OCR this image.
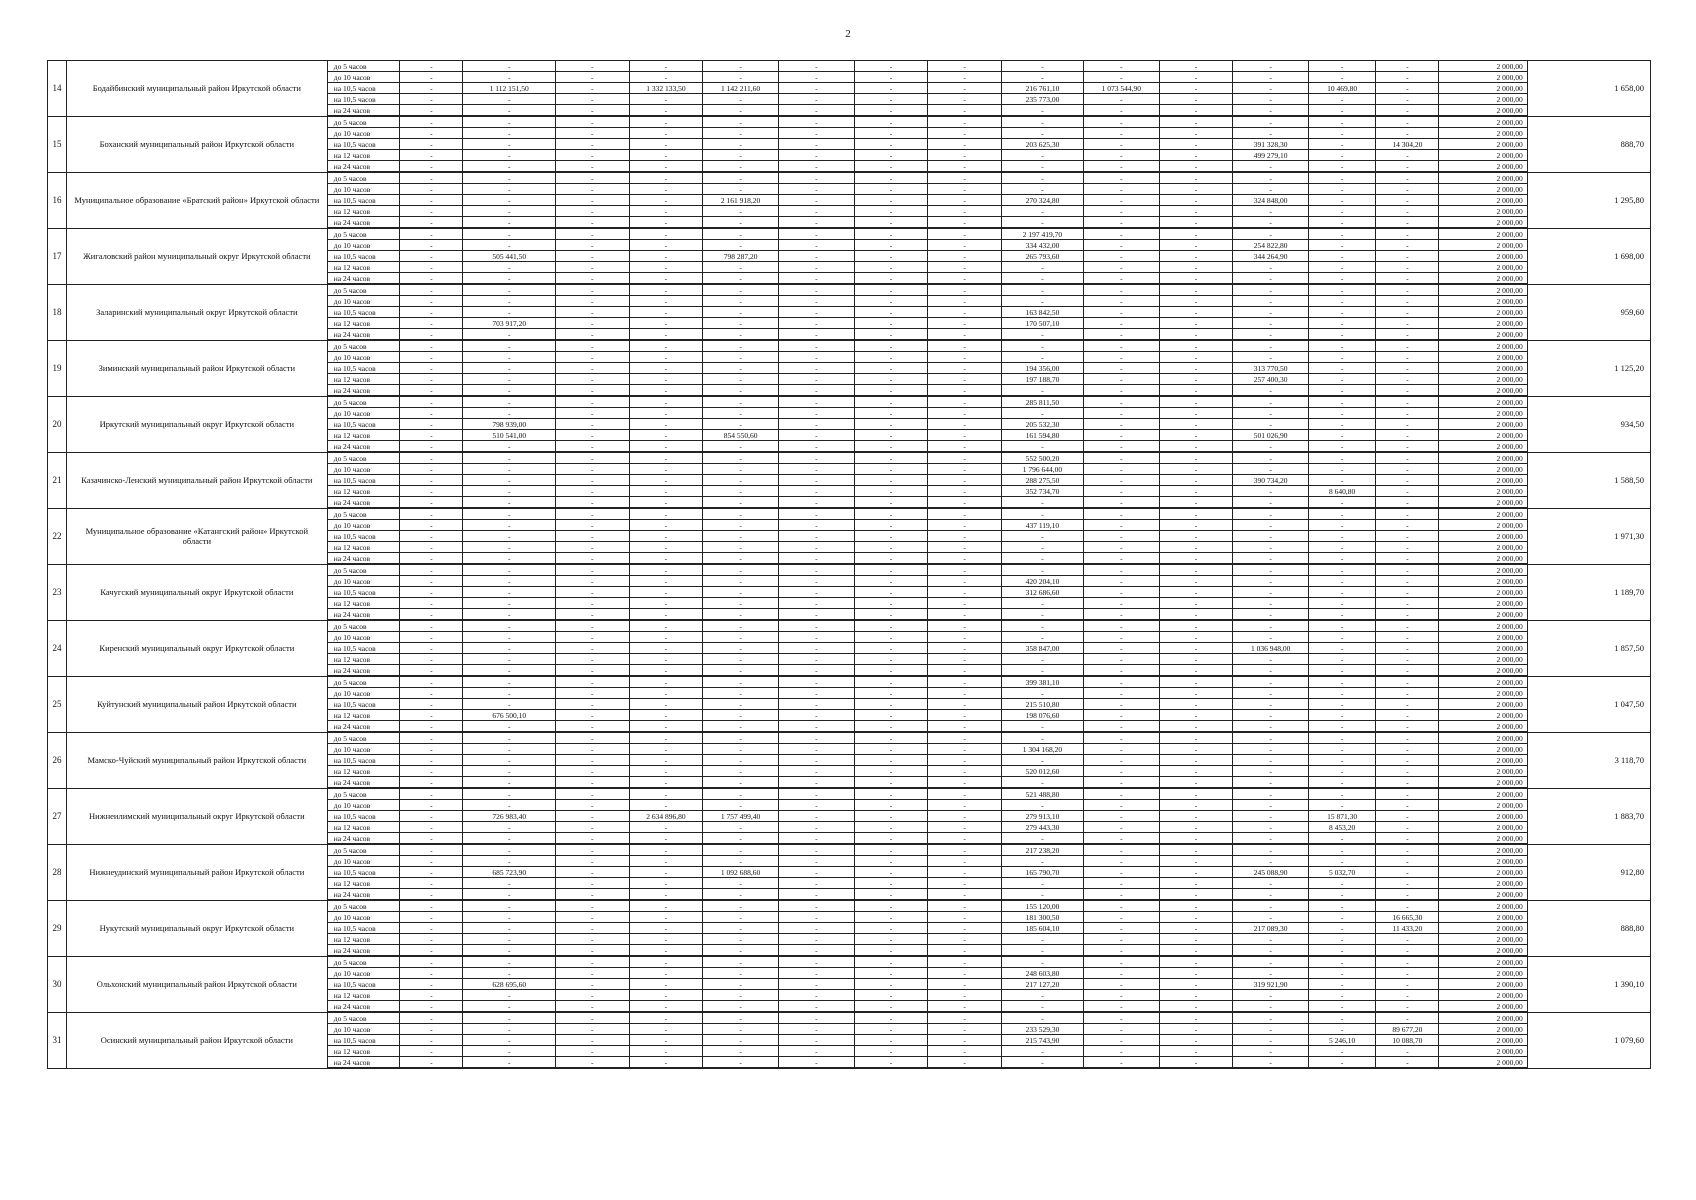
2
14	Бодайбинский муниципальный район Иркутской области	до 5 часов	-	-	-	-	-	-	-	-	-	-	-	-	-	-	2 000,00	1 658,00
		до 10 часов	-	-	-	-	-	-	-	-	-	-	-	-	-	-	2 000,00	
		на 10,5 часов	-	1 112 151,50	-	1 332 133,50	1 142 211,60	-	-	-	216 761,10	1 073 544,90	-	-	10 469,80	-	2 000,00	
		на 10,5 часов	-	-	-	-	-	-	-	-	235 773,00	-	-	-	-	-	2 000,00	
		на 24 часов	-	-	-	-	-	-	-	-	-	-	-	-	-	-	2 000,00	
15	Боханский муниципальный район Иркутской области	до 5 часов	-	-	-	-	-	-	-	-	-	-	-	-	-	-	2 000,00	888,70
		до 10 часов	-	-	-	-	-	-	-	-	-	-	-	-	-	-	2 000,00	
		на 10,5 часов	-	-	-	-	-	-	-	-	203 625,30	-	-	391 328,30	-	14 304,20	2 000,00	
		на 12 часов	-	-	-	-	-	-	-	-	-	-	-	499 279,10	-	-	2 000,00	
		на 24 часов	-	-	-	-	-	-	-	-	-	-	-	-	-	-	2 000,00	
16	Муниципальное образование «Братский район» Иркутской области	до 5 часов	-	-	-	-	-	-	-	-	-	-	-	-	-	-	2 000,00	1 295,80
		до 10 часов	-	-	-	-	-	-	-	-	-	-	-	-	-	-	2 000,00	
		на 10,5 часов	-	-	-	-	2 161 918,20	-	-	-	270 324,80	-	-	324 848,00	-	-	2 000,00	
		на 12 часов	-	-	-	-	-	-	-	-	-	-	-	-	-	-	2 000,00	
		на 24 часов	-	-	-	-	-	-	-	-	-	-	-	-	-	-	2 000,00	
17	Жигаловский район муниципальный округ Иркутской области	до 5 часов	-	-	-	-	-	-	-	-	2 197 419,70	-	-	-	-	-	2 000,00	1 698,00
		до 10 часов	-	-	-	-	-	-	-	-	334 432,00	-	-	254 822,80	-	-	2 000,00	
		на 10,5 часов	-	505 441,50	-	-	798 287,20	-	-	-	265 793,60	-	-	344 264,90	-	-	2 000,00	
		на 12 часов	-	-	-	-	-	-	-	-	-	-	-	-	-	-	2 000,00	
		на 24 часов	-	-	-	-	-	-	-	-	-	-	-	-	-	-	2 000,00	
18	Заларинский муниципальный округ Иркутской области	до 5 часов	-	-	-	-	-	-	-	-	-	-	-	-	-	-	2 000,00	959,60
		до 10 часов	-	-	-	-	-	-	-	-	-	-	-	-	-	-	2 000,00	
		на 10,5 часов	-	-	-	-	-	-	-	-	163 842,50	-	-	-	-	-	2 000,00	
		на 12 часов	-	703 917,20	-	-	-	-	-	-	170 507,10	-	-	-	-	-	2 000,00	
		на 24 часов	-	-	-	-	-	-	-	-	-	-	-	-	-	-	2 000,00	
19	Зиминский муниципальный район Иркутской области	до 5 часов	-	-	-	-	-	-	-	-	-	-	-	-	-	-	2 000,00	1 125,20
		до 10 часов	-	-	-	-	-	-	-	-	-	-	-	-	-	-	2 000,00	
		на 10,5 часов	-	-	-	-	-	-	-	-	194 356,00	-	-	313 770,50	-	-	2 000,00	
		на 12 часов	-	-	-	-	-	-	-	-	197 188,70	-	-	257 400,30	-	-	2 000,00	
		на 24 часов	-	-	-	-	-	-	-	-	-	-	-	-	-	-	2 000,00	
20	Иркутский муниципальный округ Иркутской области	до 5 часов	-	-	-	-	-	-	-	-	285 811,50	-	-	-	-	-	2 000,00	934,50
		до 10 часов	-	-	-	-	-	-	-	-	-	-	-	-	-	-	2 000,00	
		на 10,5 часов	-	798 939,00	-	-	-	-	-	-	205 532,30	-	-	-	-	-	2 000,00	
		на 12 часов	-	510 541,00	-	-	854 550,60	-	-	-	161 594,80	-	-	501 026,90	-	-	2 000,00	
		на 24 часов	-	-	-	-	-	-	-	-	-	-	-	-	-	-	2 000,00	
21	Казачинско-Ленский муниципальный район Иркутской области	до 5 часов	-	-	-	-	-	-	-	-	552 500,20	-	-	-	-	-	2 000,00	1 588,50
		до 10 часов	-	-	-	-	-	-	-	-	1 796 644,00	-	-	-	-	-	2 000,00	
		на 10,5 часов	-	-	-	-	-	-	-	-	288 275,50	-	-	390 734,20	-	-	2 000,00	
		на 12 часов	-	-	-	-	-	-	-	-	352 734,70	-	-	-	8 640,80	-	2 000,00	
		на 24 часов	-	-	-	-	-	-	-	-	-	-	-	-	-	-	2 000,00	
22	Муниципальное образование «Катангский район» Иркутской области	до 5 часов	-	-	-	-	-	-	-	-	-	-	-	-	-	-	2 000,00	1 971,30
		до 10 часов	-	-	-	-	-	-	-	-	437 119,10	-	-	-	-	-	2 000,00	
		на 10,5 часов	-	-	-	-	-	-	-	-	-	-	-	-	-	-	2 000,00	
		на 12 часов	-	-	-	-	-	-	-	-	-	-	-	-	-	-	2 000,00	
		на 24 часов	-	-	-	-	-	-	-	-	-	-	-	-	-	-	2 000,00	
23	Качугский муниципальный округ Иркутской области	до 5 часов	-	-	-	-	-	-	-	-	-	-	-	-	-	-	2 000,00	1 189,70
		до 10 часов	-	-	-	-	-	-	-	-	420 204,10	-	-	-	-	-	2 000,00	
		на 10,5 часов	-	-	-	-	-	-	-	-	312 686,60	-	-	-	-	-	2 000,00	
		на 12 часов	-	-	-	-	-	-	-	-	-	-	-	-	-	-	2 000,00	
		на 24 часов	-	-	-	-	-	-	-	-	-	-	-	-	-	-	2 000,00	
24	Киренский муниципальный округ Иркутской области	до 5 часов	-	-	-	-	-	-	-	-	-	-	-	-	-	-	2 000,00	1 857,50
		до 10 часов	-	-	-	-	-	-	-	-	-	-	-	-	-	-	2 000,00	
		на 10,5 часов	-	-	-	-	-	-	-	-	358 847,00	-	-	1 036 948,00	-	-	2 000,00	
		на 12 часов	-	-	-	-	-	-	-	-	-	-	-	-	-	-	2 000,00	
		на 24 часов	-	-	-	-	-	-	-	-	-	-	-	-	-	-	2 000,00	
25	Куйтунский муниципальный район Иркутской области	до 5 часов	-	-	-	-	-	-	-	-	399 381,10	-	-	-	-	-	2 000,00	1 047,50
		до 10 часов	-	-	-	-	-	-	-	-	-	-	-	-	-	-	2 000,00	
		на 10,5 часов	-	-	-	-	-	-	-	-	215 510,80	-	-	-	-	-	2 000,00	
		на 12 часов	-	676 500,10	-	-	-	-	-	-	198 076,60	-	-	-	-	-	2 000,00	
		на 24 часов	-	-	-	-	-	-	-	-	-	-	-	-	-	-	2 000,00	
26	Мамско-Чуйский муниципальный район Иркутской области	до 5 часов	-	-	-	-	-	-	-	-	-	-	-	-	-	-	2 000,00	3 118,70
		до 10 часов	-	-	-	-	-	-	-	-	1 304 168,20	-	-	-	-	-	2 000,00	
		на 10,5 часов	-	-	-	-	-	-	-	-	-	-	-	-	-	-	2 000,00	
		на 12 часов	-	-	-	-	-	-	-	-	520 012,60	-	-	-	-	-	2 000,00	
		на 24 часов	-	-	-	-	-	-	-	-	-	-	-	-	-	-	2 000,00	
27	Нижнеилимский муниципальный округ Иркутской области	до 5 часов	-	-	-	-	-	-	-	-	521 488,80	-	-	-	-	-	2 000,00	1 883,70
		до 10 часов	-	-	-	-	-	-	-	-	-	-	-	-	-	-	2 000,00	
		на 10,5 часов	-	726 983,40	-	2 634 896,80	1 757 499,40	-	-	-	279 913,10	-	-	-	15 871,30	-	2 000,00	
		на 12 часов	-	-	-	-	-	-	-	-	279 443,30	-	-	-	8 453,20	-	2 000,00	
		на 24 часов	-	-	-	-	-	-	-	-	-	-	-	-	-	-	2 000,00	
28	Нижнеудинский муниципальный район Иркутской области	до 5 часов	-	-	-	-	-	-	-	-	217 238,20	-	-	-	-	-	2 000,00	912,80
		до 10 часов	-	-	-	-	-	-	-	-	-	-	-	-	-	-	2 000,00	
		на 10,5 часов	-	685 723,90	-	-	1 092 688,60	-	-	-	165 790,70	-	-	245 088,90	5 032,70	-	2 000,00	
		на 12 часов	-	-	-	-	-	-	-	-	-	-	-	-	-	-	2 000,00	
		на 24 часов	-	-	-	-	-	-	-	-	-	-	-	-	-	-	2 000,00	
29	Нукутский муниципальный округ Иркутской области	до 5 часов	-	-	-	-	-	-	-	-	155 120,00	-	-	-	-	-	2 000,00	888,80
		до 10 часов	-	-	-	-	-	-	-	-	181 300,50	-	-	-	-	16 665,30	2 000,00	
		на 10,5 часов	-	-	-	-	-	-	-	-	185 604,10	-	-	217 089,30	-	11 433,20	2 000,00	
		на 12 часов	-	-	-	-	-	-	-	-	-	-	-	-	-	-	2 000,00	
		на 24 часов	-	-	-	-	-	-	-	-	-	-	-	-	-	-	2 000,00	
30	Ольхонский муниципальный район Иркутской области	до 5 часов	-	-	-	-	-	-	-	-	-	-	-	-	-	-	2 000,00	1 390,10
		до 10 часов	-	-	-	-	-	-	-	-	248 603,80	-	-	-	-	-	2 000,00	
		на 10,5 часов	-	628 695,60	-	-	-	-	-	-	217 127,20	-	-	319 921,90	-	-	2 000,00	
		на 12 часов	-	-	-	-	-	-	-	-	-	-	-	-	-	-	2 000,00	
		на 24 часов	-	-	-	-	-	-	-	-	-	-	-	-	-	-	2 000,00	
31	Осинский муниципальный район Иркутской области	до 5 часов	-	-	-	-	-	-	-	-	-	-	-	-	-	-	2 000,00	1 079,60
		до 10 часов	-	-	-	-	-	-	-	-	233 529,30	-	-	-	-	89 677,20	2 000,00	
		на 10,5 часов	-	-	-	-	-	-	-	-	215 743,90	-	-	-	5 246,10	10 088,70	2 000,00	
		на 12 часов	-	-	-	-	-	-	-	-	-	-	-	-	-	-	2 000,00	
		на 24 часов	-	-	-	-	-	-	-	-	-	-	-	-	-	-	2 000,00	
